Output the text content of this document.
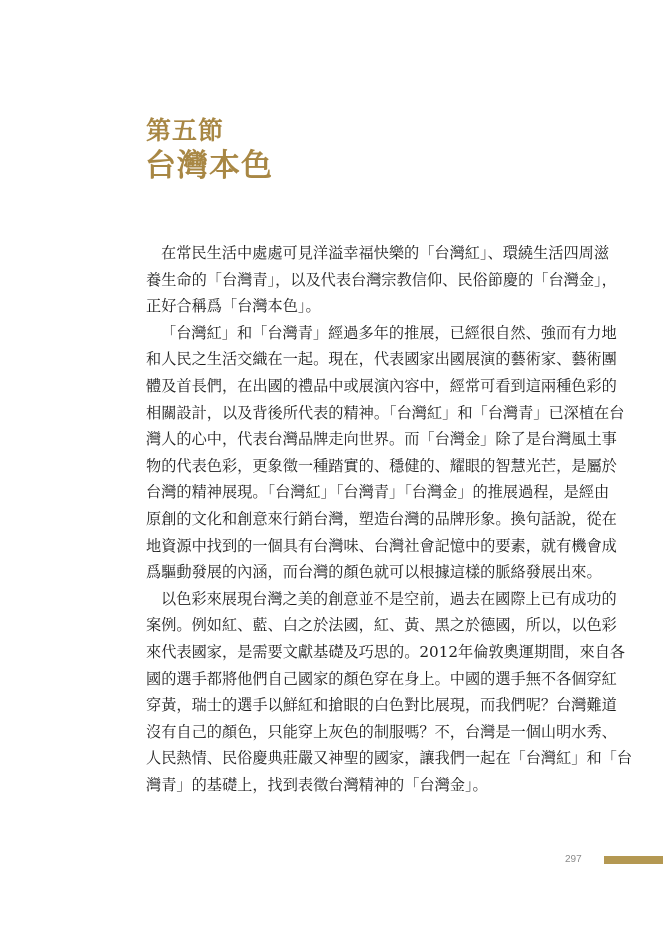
第五節
台灣本色

在常民生活中處處可見洋溢幸福快樂的「台灣紅」、環繞生活四周滋
養生命的「台灣青」，以及代表台灣宗教信仰、民俗節慶的「台灣金」，
正好合稱爲「台灣本色」。

「台灣紅」和「台灣青」經過多年的推展，已經很自然、強而有力地
和人民之生活交織在一起。現在，代表國家出國展演的藝術家、藝術團
體及首長們，在出國的禮品中或展演內容中，經常可看到這兩種色彩的
相關設計，以及背後所代表的精神。「台灣紅」和「台灣青」已深植在台
灣人的心中，代表台灣品牌走向世界。而「台灣金」除了是台灣風土事
物的代表色彩，更象徵一種踏實的、穩健的、耀眼的智慧光芒，是屬於
台灣的精神展現。「台灣紅」「台灣青」「台灣金」的推展過程，是經由
原創的文化和創意來行銷台灣，塑造台灣的品牌形象。換句話說，從在
地資源中找到的一個具有台灣味、台灣社會記憶中的要素，就有機會成
爲驅動發展的內涵，而台灣的顏色就可以根據這樣的脈絡發展出來。

以色彩來展現台灣之美的創意並不是空前，過去在國際上已有成功的
案例。例如紅、藍、白之於法國，紅、黃、黑之於德國，所以，以色彩
來代表國家，是需要文獻基礎及巧思的。2012年倫敦奧運期間，來自各
國的選手都將他們自己國家的顏色穿在身上。中國的選手無不各個穿紅
穿黃，瑞士的選手以鮮紅和搶眼的白色對比展現，而我們呢？台灣難道
沒有自己的顏色，只能穿上灰色的制服嗎？不，台灣是一個山明水秀、
人民熱情、民俗慶典莊嚴又神聖的國家，讓我們一起在「台灣紅」和「台
灣青」的基礎上，找到表徵台灣精神的「台灣金」。

297
